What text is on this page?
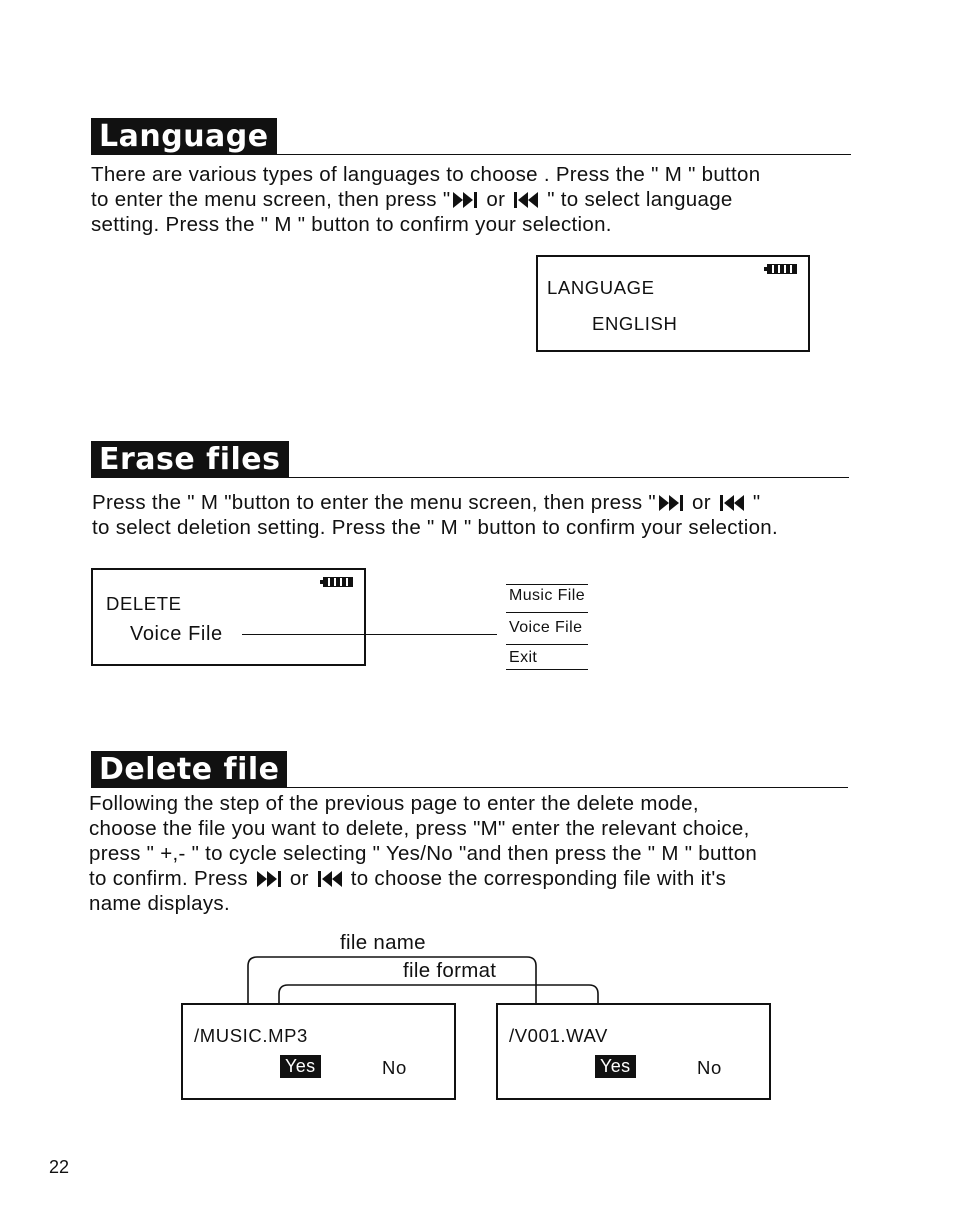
Language
There are various types of languages to choose . Press the " M " button
to enter the menu screen, then press " or  " to select language
setting. Press the " M " button to confirm your selection.
LANGUAGE
ENGLISH
Erase files
Press the " M "button to enter the menu screen, then press " or  "
to select deletion setting. Press the " M " button to confirm your selection.
DELETE
Voice File
Music File
Voice File
Exit
Delete file
Following the step of the previous page to enter the delete mode,
choose the file you want to delete, press "M" enter the relevant choice,
press " +,- " to cycle selecting " Yes/No "and then press the " M " button
to confirm. Press  or  to choose the corresponding file with it's
name displays.
file name
file format
/MUSIC.MP3
Yes	No
/V001.WAV
Yes	No
22
